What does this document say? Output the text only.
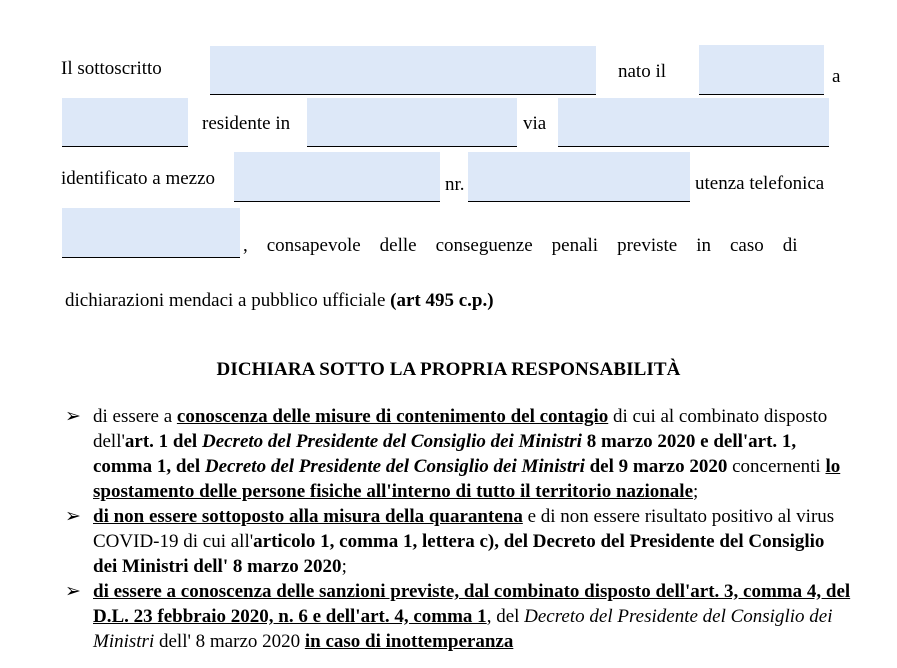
Il sottoscritto	nato il	a
residente in	via
identificato a mezzo	nr.	utenza telefonica
,    consapevole    delle    conseguenze    penali    previste    in    caso    di
dichiarazioni mendaci a pubblico ufficiale (art 495 c.p.)
DICHIARA SOTTO LA PROPRIA RESPONSABILITÀ
➢ di essere a conoscenza delle misure di contenimento del contagio di cui al combinato disposto dell'art. 1 del Decreto del Presidente del Consiglio dei Ministri 8 marzo 2020 e dell'art. 1, comma 1, del Decreto del Presidente del Consiglio dei Ministri del 9 marzo 2020 concernenti lo spostamento delle persone fisiche all'interno di tutto il territorio nazionale;
➢ di non essere sottoposto alla misura della quarantena e di non essere risultato positivo al virus COVID-19 di cui all'articolo 1, comma 1, lettera c), del Decreto del Presidente del Consiglio dei Ministri dell' 8 marzo 2020;
➢ di essere a conoscenza delle sanzioni previste, dal combinato disposto dell'art. 3, comma 4, del D.L. 23 febbraio 2020, n. 6 e dell'art. 4, comma 1, del Decreto del Presidente del Consiglio dei Ministri dell' 8 marzo 2020 in caso di inottemperanza
